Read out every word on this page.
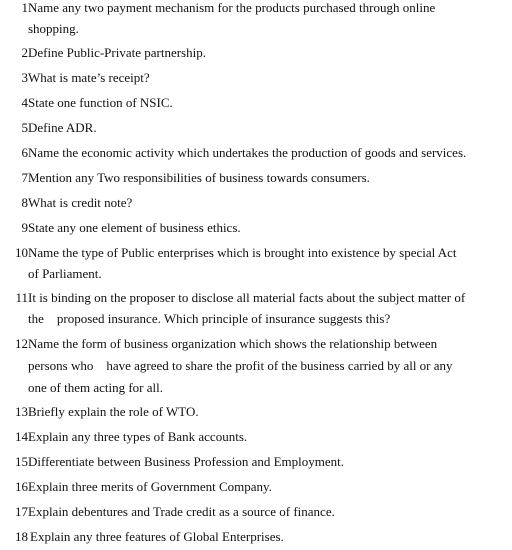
1 Name any two payment mechanism for the products purchased through online
shopping.
2 Define Public-Private partnership.
3 What is mate’s receipt?
4 State one function of NSIC.
5 Define ADR.
6 Name the economic activity which undertakes the production of goods and services.
7 Mention any Two responsibilities of business towards consumers.
8 What is credit note?
9 State any one element of business ethics.
10 Name the type of Public enterprises which is brought into existence by special Act
of Parliament.
11 It is binding on the proposer to disclose all material facts about the subject matter of
the    proposed insurance. Which principle of insurance suggests this?
12 Name the form of business organization which shows the relationship between
persons who    have agreed to share the profit of the business carried by all or any
one of them acting for all.
13 Briefly explain the role of WTO.
14 Explain any three types of Bank accounts.
15 Differentiate between Business Profession and Employment.
16 Explain three merits of Government Company.
17 Explain debentures and Trade credit as a source of finance.
18 Explain any three features of Global Enterprises.
